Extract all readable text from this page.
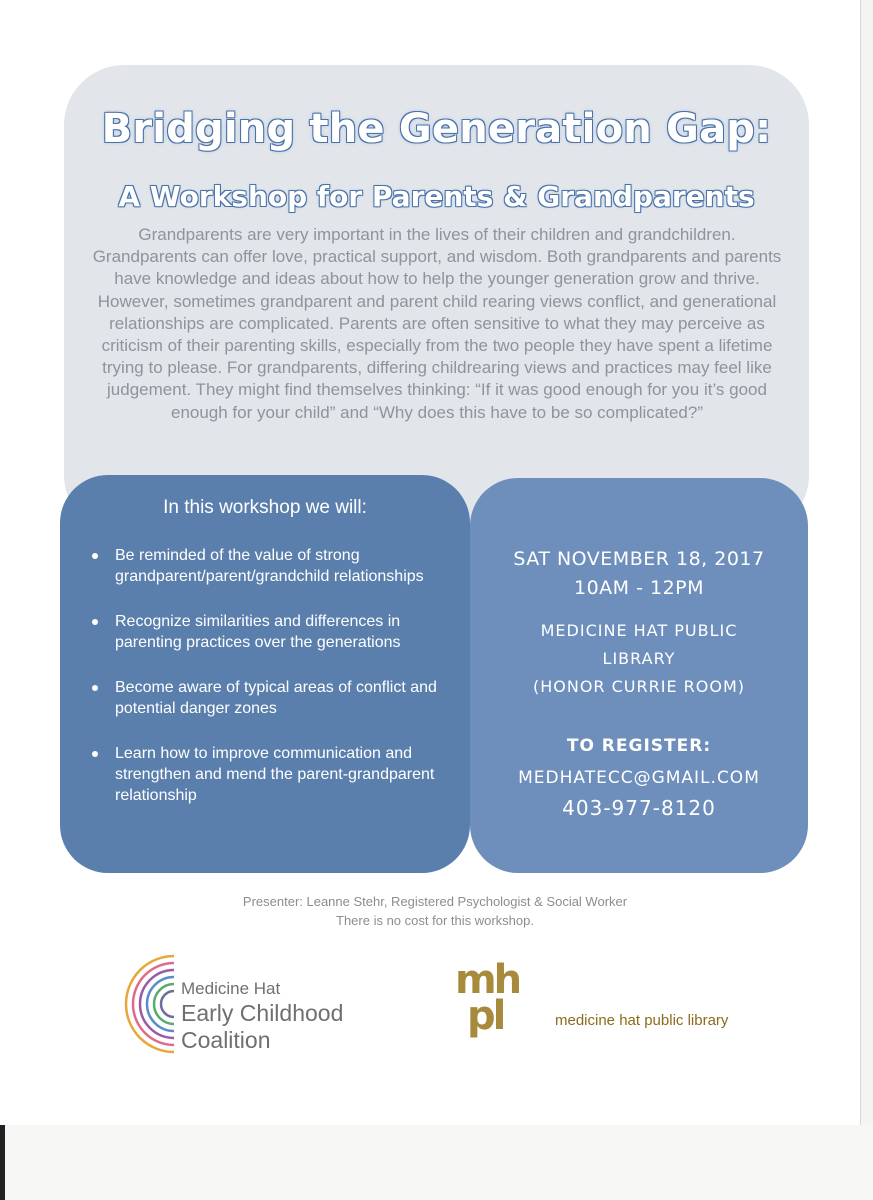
Bridging the Generation Gap:
A Workshop for Parents & Grandparents

Grandparents are very important in the lives of their children and grandchildren. Grandparents can offer love, practical support, and wisdom. Both grandparents and parents have knowledge and ideas about how to help the younger generation grow and thrive. However, sometimes grandparent and parent child rearing views conflict, and generational relationships are complicated. Parents are often sensitive to what they may perceive as criticism of their parenting skills, especially from the two people they have spent a lifetime trying to please. For grandparents, differing childrearing views and practices may feel like judgement. They might find themselves thinking: “If it was good enough for you it’s good enough for your child” and “Why does this have to be so complicated?”

In this workshop we will:
Be reminded of the value of strong grandparent/parent/grandchild relationships
Recognize similarities and differences in parenting practices over the generations
Become aware of typical areas of conflict and potential danger zones
Learn how to improve communication and strengthen and mend the parent-grandparent relationship

SAT NOVEMBER 18, 2017

10AM - 12PM

MEDICINE HAT PUBLIC

LIBRARY

(HONOR CURRIE ROOM)

TO REGISTER:

MEDHATECC@GMAIL.COM

403-977-8120

Presenter: Leanne Stehr, Registered Psychologist & Social Worker
There is no cost for this workshop.

Medicine Hat
Early Childhood
Coalition

mh
pl	medicine hat public library
